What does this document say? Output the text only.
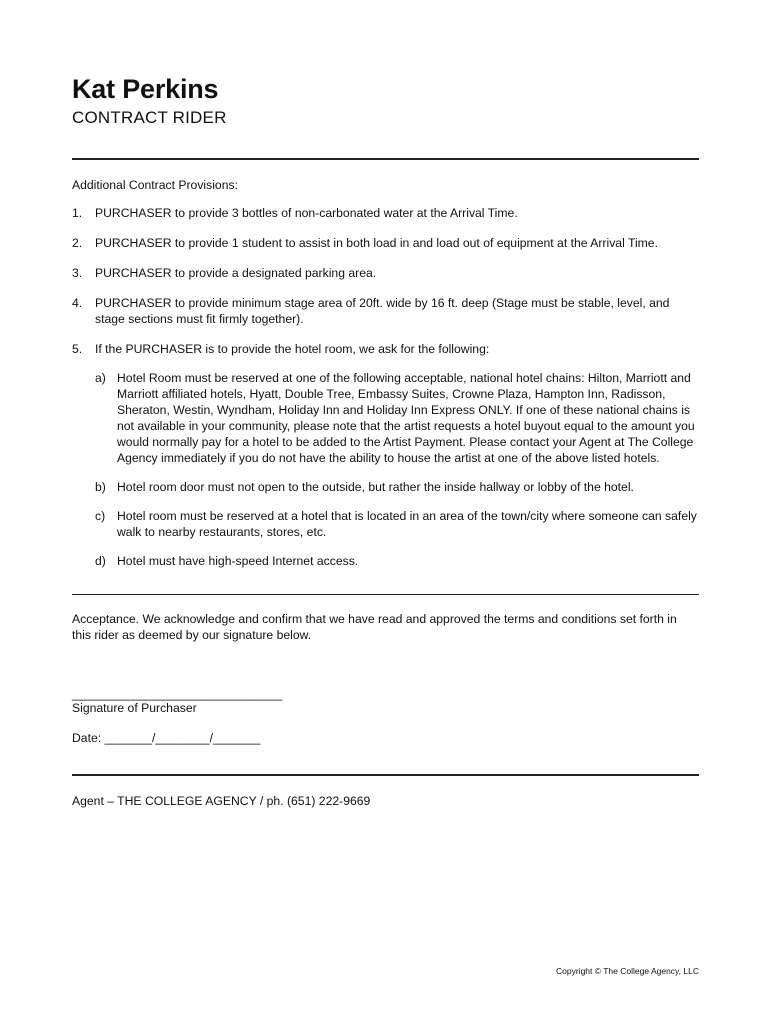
Kat Perkins
CONTRACT RIDER
Additional Contract Provisions:
1. PURCHASER to provide 3 bottles of non-carbonated water at the Arrival Time.
2. PURCHASER to provide 1 student to assist in both load in and load out of equipment at the Arrival Time.
3. PURCHASER to provide a designated parking area.
4. PURCHASER to provide minimum stage area of 20ft. wide by 16 ft. deep (Stage must be stable, level, and stage sections must fit firmly together).
5. If the PURCHASER is to provide the hotel room, we ask for the following:
a) Hotel Room must be reserved at one of the following acceptable, national hotel chains: Hilton, Marriott and Marriott affiliated hotels, Hyatt, Double Tree, Embassy Suites, Crowne Plaza, Hampton Inn, Radisson, Sheraton, Westin, Wyndham, Holiday Inn and Holiday Inn Express ONLY. If one of these national chains is not available in your community, please note that the artist requests a hotel buyout equal to the amount you would normally pay for a hotel to be added to the Artist Payment. Please contact your Agent at The College Agency immediately if you do not have the ability to house the artist at one of the above listed hotels.
b) Hotel room door must not open to the outside, but rather the inside hallway or lobby of the hotel.
c) Hotel room must be reserved at a hotel that is located in an area of the town/city where someone can safely walk to nearby restaurants, stores, etc.
d) Hotel must have high-speed Internet access.
Acceptance. We acknowledge and confirm that we have read and approved the terms and conditions set forth in this rider as deemed by our signature below.
_______________________________
Signature of Purchaser
Date: _______/________/_______
Agent – THE COLLEGE AGENCY / ph. (651) 222-9669
Copyright © The College Agency, LLC
